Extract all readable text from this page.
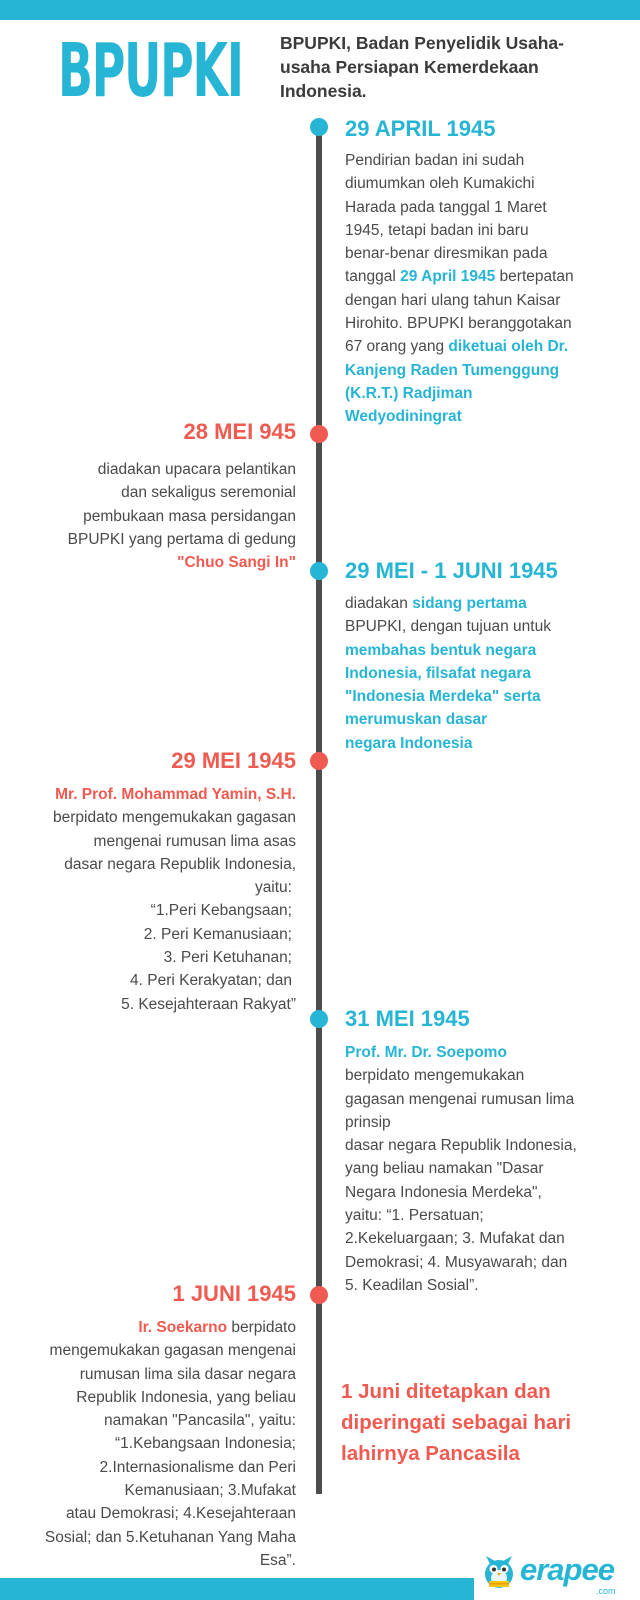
BPUPKI BPUPKI, Badan Penyelidik Usaha-
usaha Persiapan Kemerdekaan
Indonesia.
29 APRIL 1945
Pendirian badan ini sudah
diumumkan oleh Kumakichi
Harada pada tanggal 1 Maret
1945, tetapi badan ini baru
benar-benar diresmikan pada
tanggal 29 April 1945 bertepatan
dengan hari ulang tahun Kaisar
Hirohito. BPUPKI beranggotakan
67 orang yang diketuai oleh Dr.
Kanjeng Raden Tumenggung
(K.R.T.) Radjiman
Wedyodiningrat
28 MEI 945
diadakan upacara pelantikan
dan sekaligus seremonial
pembukaan masa persidangan
BPUPKI yang pertama di gedung
"Chuo Sangi In" 29 MEI - 1 JUNI 1945
diadakan sidang pertama
BPUPKI, dengan tujuan untuk
membahas bentuk negara
Indonesia, filsafat negara
"Indonesia Merdeka" serta
merumuskan dasar
negara Indonesia
29 MEI 1945
Mr. Prof. Mohammad Yamin, S.H.
berpidato mengemukakan gagasan
mengenai rumusan lima asas
dasar negara Republik Indonesia,
yaitu:
“1.Peri Kebangsaan;
2. Peri Kemanusiaan;
3. Peri Ketuhanan;
4. Peri Kerakyatan; dan
5. Kesejahteraan Rakyat”
31 MEI 1945
Prof. Mr. Dr. Soepomo
berpidato mengemukakan
gagasan mengenai rumusan lima
prinsip
dasar negara Republik Indonesia,
yang beliau namakan "Dasar
Negara Indonesia Merdeka",
yaitu: “1. Persatuan;
2.Kekeluargaan; 3. Mufakat dan
Demokrasi; 4. Musyawarah; dan
5. Keadilan Sosial”.
1 JUNI 1945
Ir. Soekarno berpidato
mengemukakan gagasan mengenai
rumusan lima sila dasar negara
Republik Indonesia, yang beliau
namakan "Pancasila", yaitu:
“1.Kebangsaan Indonesia;
2.Internasionalisme dan Peri
Kemanusiaan; 3.Mufakat
atau Demokrasi; 4.Kesejahteraan
Sosial; dan 5.Ketuhanan Yang Maha
Esa”.
1 Juni ditetapkan dan
diperingati sebagai hari
lahirnya Pancasila
erapee
.com
